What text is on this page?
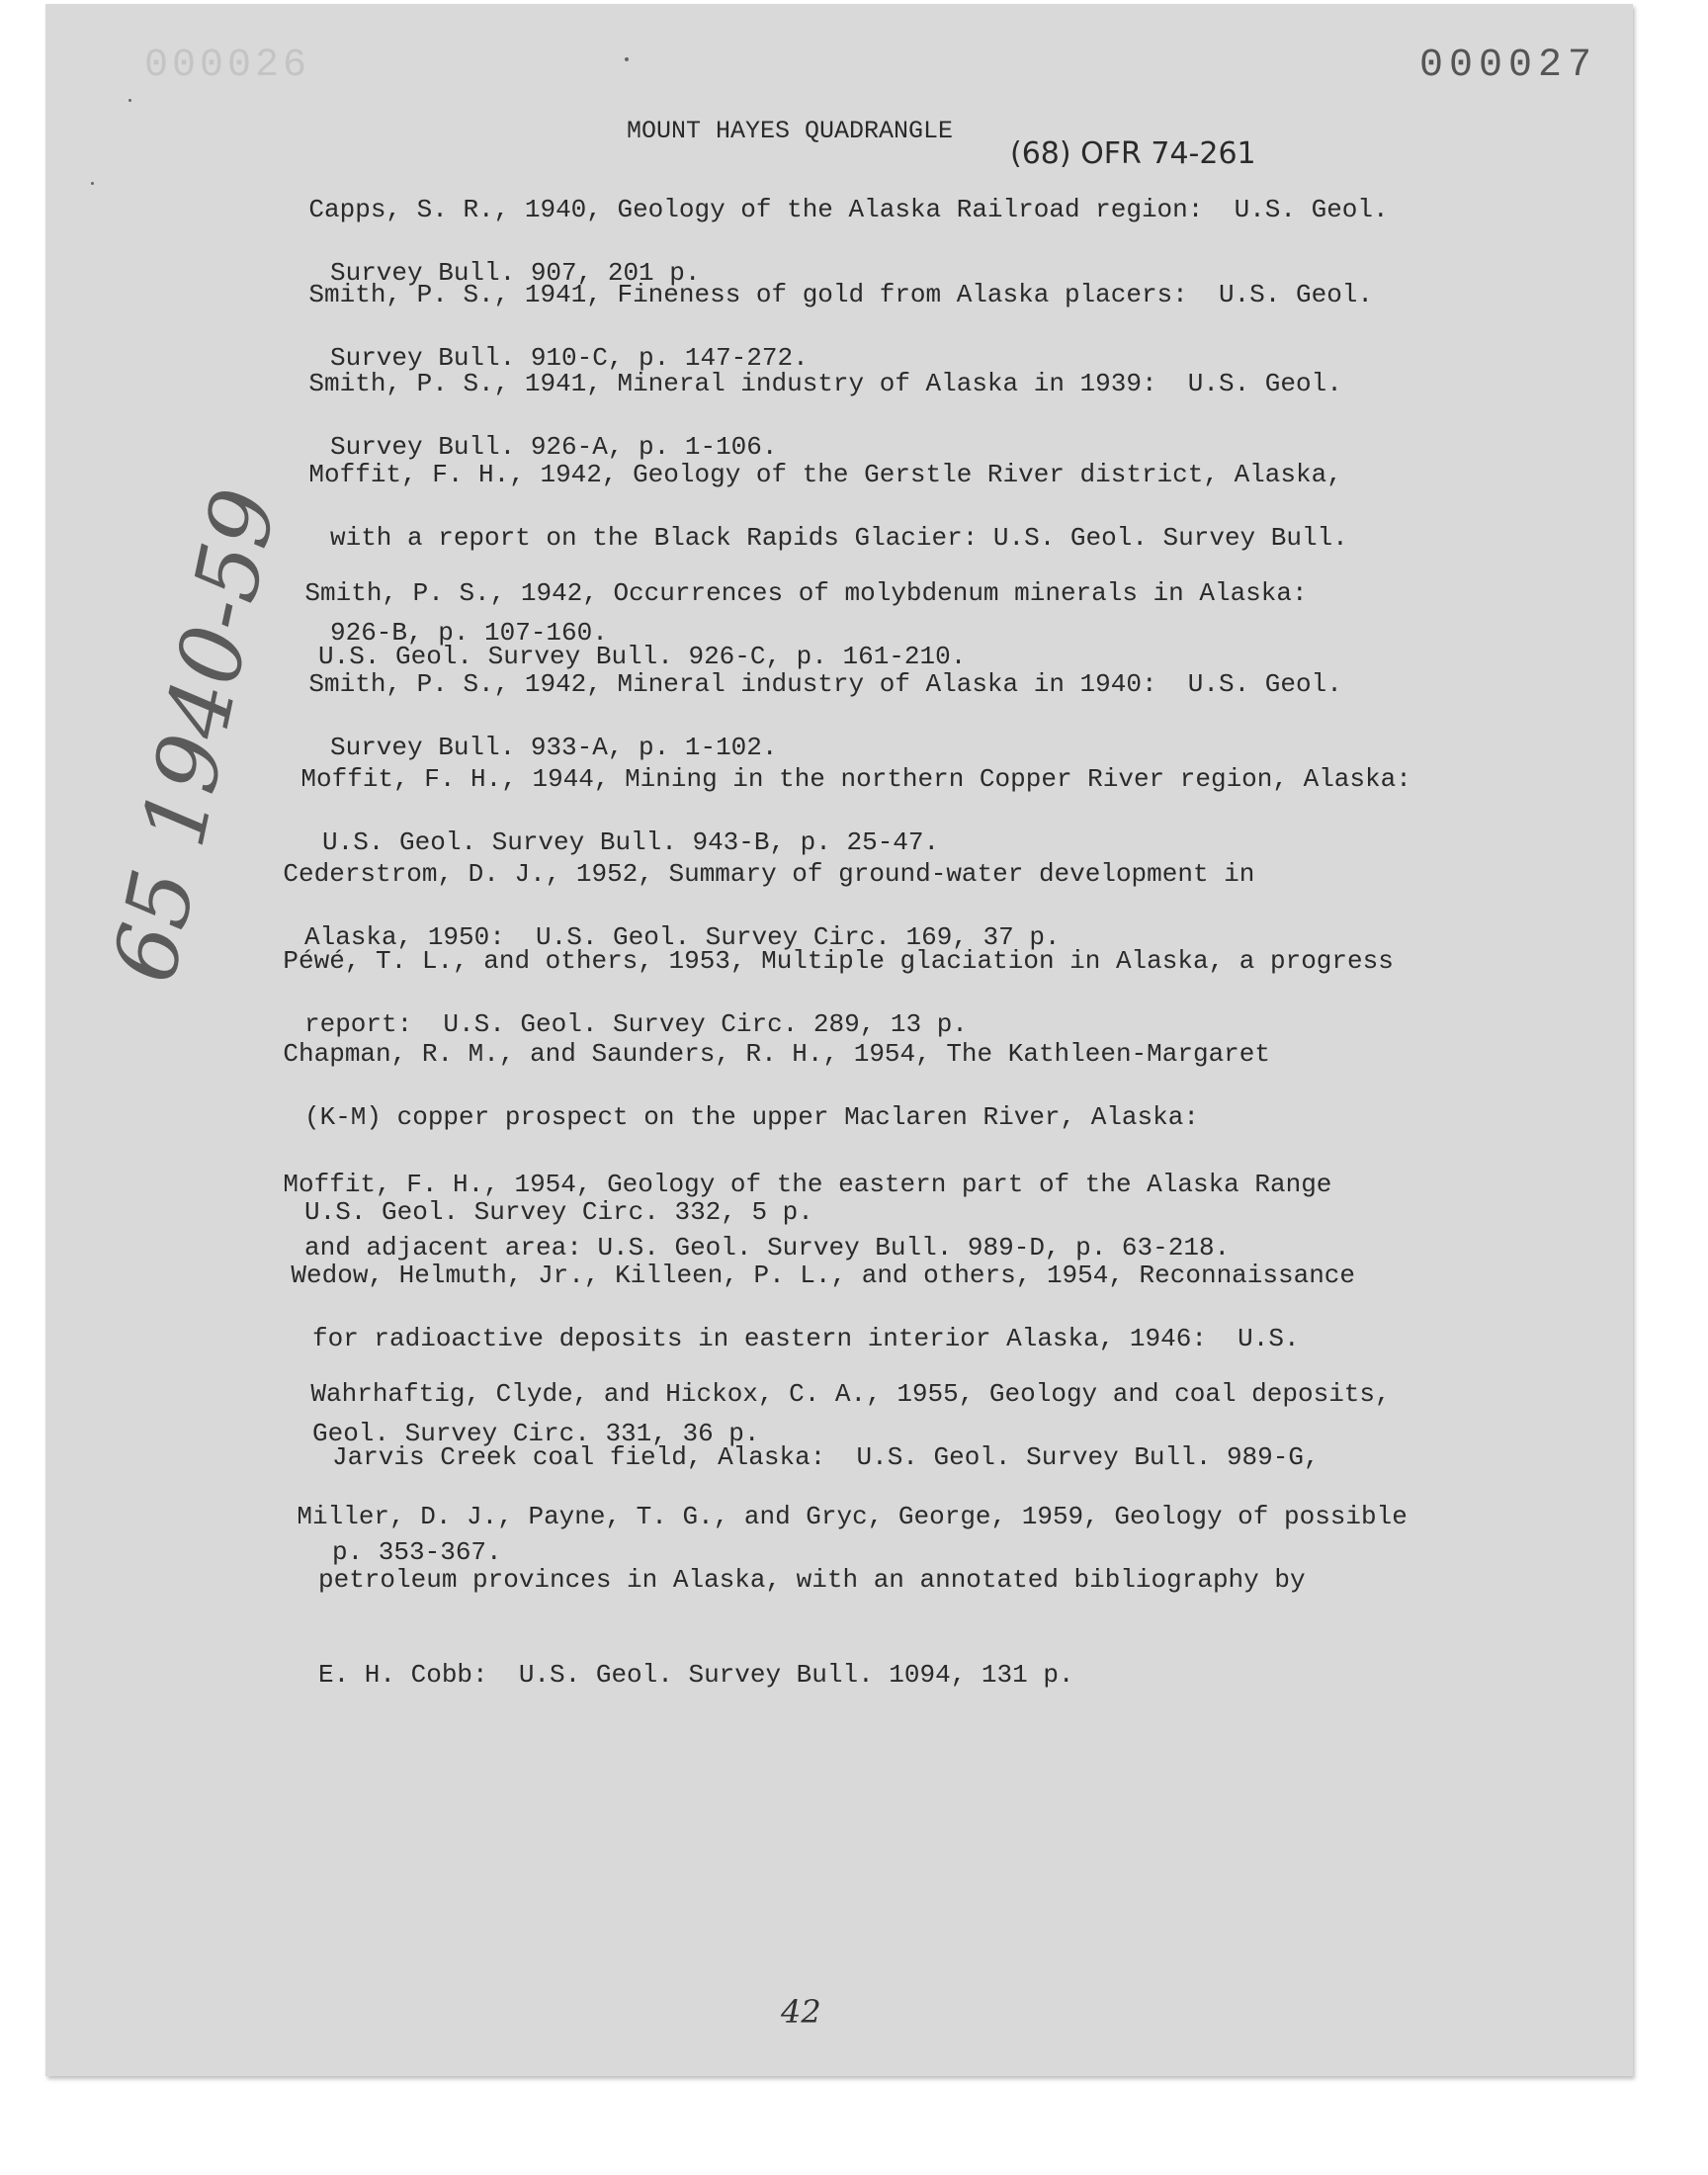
000026	000027
MOUNT HAYES QUADRANGLE
(68) OFR 74-261
65 1940-59

Capps, S. R., 1940, Geology of the Alaska Railroad region:  U.S. Geol.

Survey Bull. 907, 201 p.

Smith, P. S., 1941, Fineness of gold from Alaska placers:  U.S. Geol.

Survey Bull. 910-C, p. 147-272.

Smith, P. S., 1941, Mineral industry of Alaska in 1939:  U.S. Geol.

Survey Bull. 926-A, p. 1-106.

Moffit, F. H., 1942, Geology of the Gerstle River district, Alaska,

with a report on the Black Rapids Glacier: U.S. Geol. Survey Bull.

926-B, p. 107-160.

Smith, P. S., 1942, Occurrences of molybdenum minerals in Alaska:

U.S. Geol. Survey Bull. 926-C, p. 161-210.

Smith, P. S., 1942, Mineral industry of Alaska in 1940:  U.S. Geol.

Survey Bull. 933-A, p. 1-102.

Moffit, F. H., 1944, Mining in the northern Copper River region, Alaska:

U.S. Geol. Survey Bull. 943-B, p. 25-47.

Cederstrom, D. J., 1952, Summary of ground-water development in

Alaska, 1950:  U.S. Geol. Survey Circ. 169, 37 p.

Péwé, T. L., and others, 1953, Multiple glaciation in Alaska, a progress

report:  U.S. Geol. Survey Circ. 289, 13 p.

Chapman, R. M., and Saunders, R. H., 1954, The Kathleen-Margaret

(K-M) copper prospect on the upper Maclaren River, Alaska:

U.S. Geol. Survey Circ. 332, 5 p.

Moffit, F. H., 1954, Geology of the eastern part of the Alaska Range

and adjacent area: U.S. Geol. Survey Bull. 989-D, p. 63-218.

Wedow, Helmuth, Jr., Killeen, P. L., and others, 1954, Reconnaissance

for radioactive deposits in eastern interior Alaska, 1946:  U.S.

Geol. Survey Circ. 331, 36 p.

Wahrhaftig, Clyde, and Hickox, C. A., 1955, Geology and coal deposits,

Jarvis Creek coal field, Alaska:  U.S. Geol. Survey Bull. 989-G,

p. 353-367.

Miller, D. J., Payne, T. G., and Gryc, George, 1959, Geology of possible

petroleum provinces in Alaska, with an annotated bibliography by

E. H. Cobb:  U.S. Geol. Survey Bull. 1094, 131 p.

42
